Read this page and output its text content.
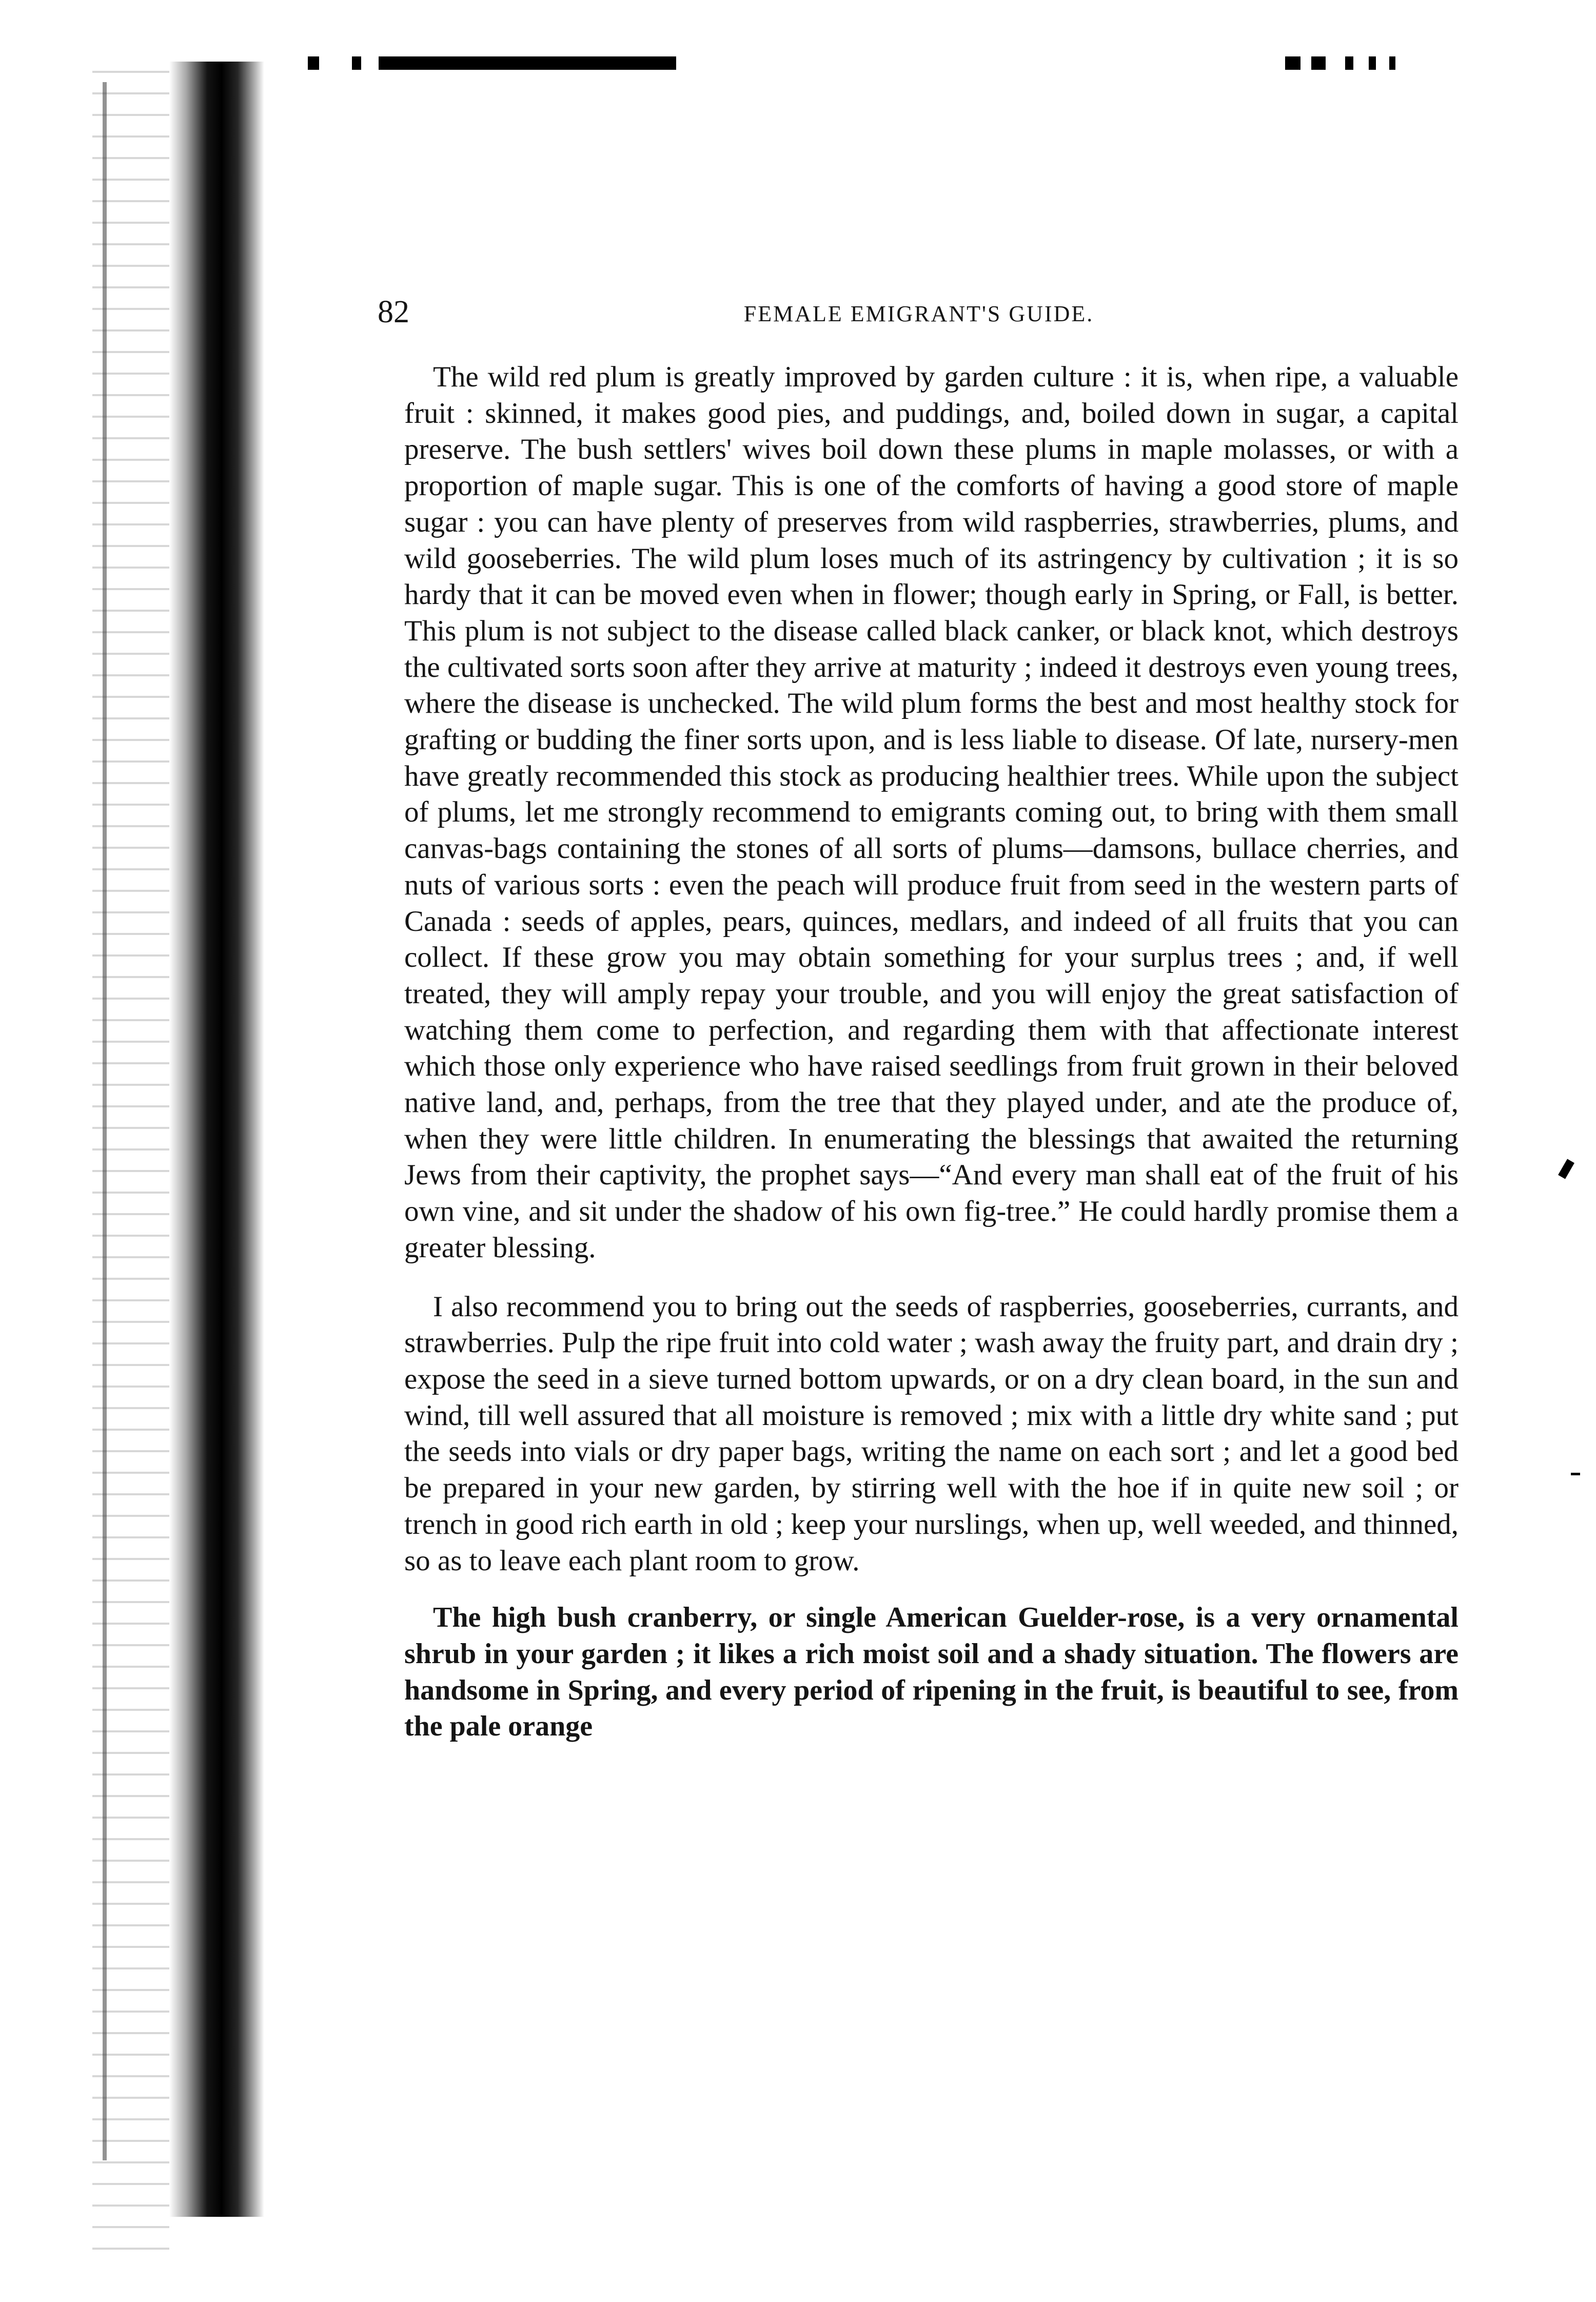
82	FEMALE EMIGRANT'S GUIDE.

The wild red plum is greatly improved by garden culture : it is, when ripe, a valuable fruit : skinned, it makes good pies, and puddings, and, boiled down in sugar, a capital preserve. The bush settlers' wives boil down these plums in maple molasses, or with a proportion of maple sugar. This is one of the comforts of having a good store of maple sugar : you can have plenty of preserves from wild raspberries, strawberries, plums, and wild gooseberries. The wild plum loses much of its astringency by cultivation ; it is so hardy that it can be moved even when in flower; though early in Spring, or Fall, is better. This plum is not subject to the disease called black canker, or black knot, which destroys the cultivated sorts soon after they arrive at maturity ; indeed it destroys even young trees, where the disease is unchecked. The wild plum forms the best and most healthy stock for grafting or budding the finer sorts upon, and is less liable to disease. Of late, nursery-men have greatly recommended this stock as producing healthier trees. While upon the subject of plums, let me strongly recommend to emigrants coming out, to bring with them small canvas-bags containing the stones of all sorts of plums—damsons, bullace cherries, and nuts of various sorts : even the peach will produce fruit from seed in the western parts of Canada : seeds of apples, pears, quinces, medlars, and indeed of all fruits that you can collect. If these grow you may obtain something for your surplus trees ; and, if well treated, they will amply repay your trouble, and you will enjoy the great satisfaction of watching them come to perfection, and regarding them with that affectionate interest which those only experience who have raised seedlings from fruit grown in their beloved native land, and, perhaps, from the tree that they played under, and ate the produce of, when they were little children. In enumerating the blessings that awaited the returning Jews from their captivity, the prophet says—“And every man shall eat of the fruit of his own vine, and sit under the shadow of his own fig-tree.” He could hardly promise them a greater blessing.

I also recommend you to bring out the seeds of raspberries, gooseberries, currants, and strawberries. Pulp the ripe fruit into cold water ; wash away the fruity part, and drain dry ; expose the seed in a sieve turned bottom upwards, or on a dry clean board, in the sun and wind, till well assured that all moisture is removed ; mix with a little dry white sand ; put the seeds into vials or dry paper bags, writing the name on each sort ; and let a good bed be prepared in your new garden, by stirring well with the hoe if in quite new soil ; or trench in good rich earth in old ; keep your nurslings, when up, well weeded, and thinned, so as to leave each plant room to grow.

The high bush cranberry, or single American Guelder-rose, is a very ornamental shrub in your garden ; it likes a rich moist soil and a shady situation. The flowers are handsome in Spring, and every period of ripening in the fruit, is beautiful to see, from the pale orange
